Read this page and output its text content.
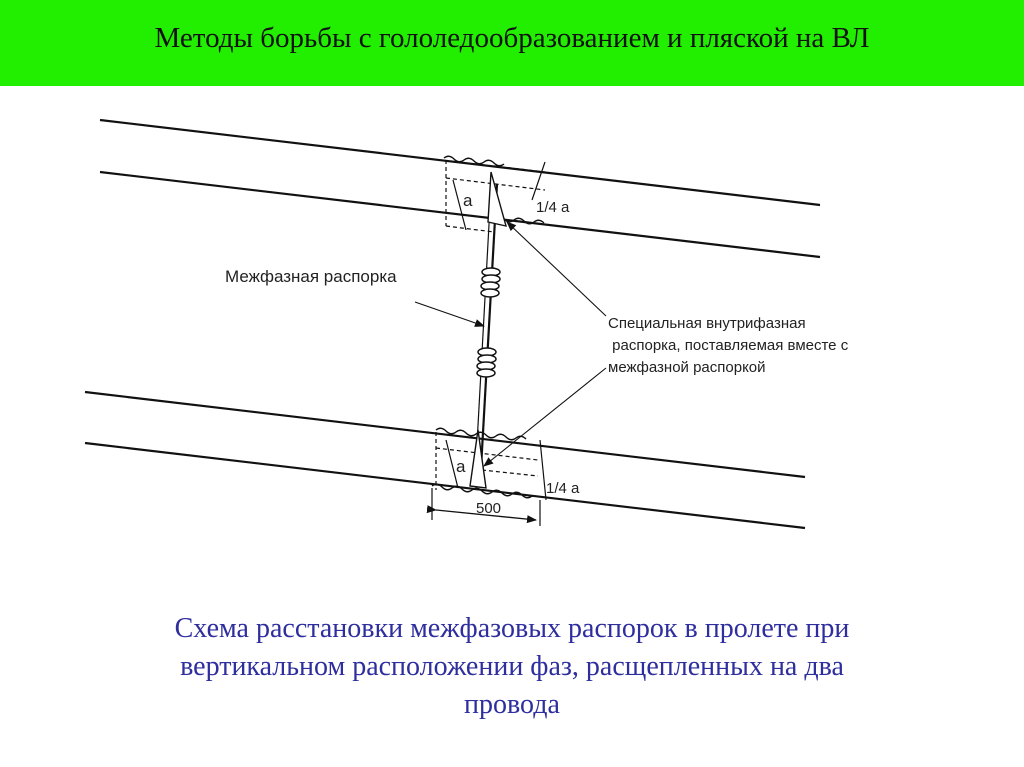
Методы борьбы с гололедообразованием и пляской на ВЛ
Межфазная распорка
Специальная внутрифазная
распорка, поставляемая вместе с
межфазной распоркой
а	1/4 а
а
1/4 а
500
Схема расстановки межфазовых распорок в пролете при
вертикальном расположении фаз, расщепленных на два
провода
